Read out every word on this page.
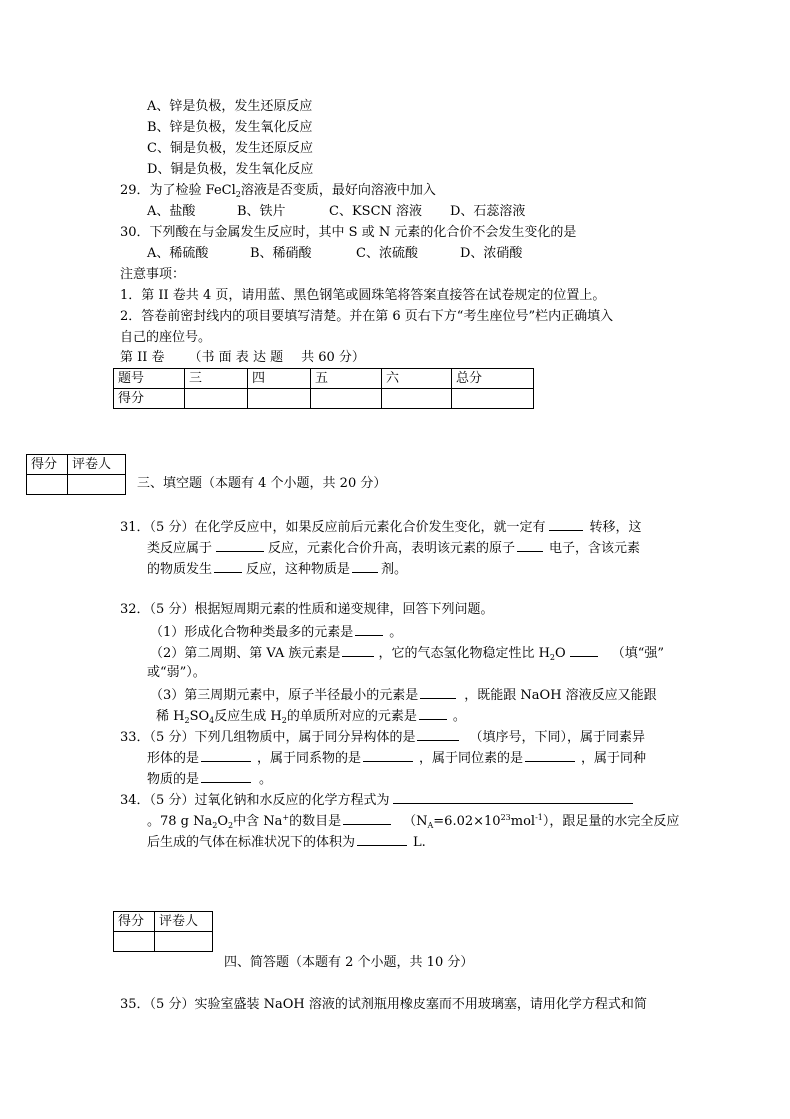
A、锌是负极，发生还原反应
B、锌是负极，发生氧化反应
C、铜是负极，发生还原反应
D、铜是负极，发生氧化反应
29．为了检验 FeCl$_2$溶液是否变质，最好向溶液中加入
A、盐酸	B、铁片	C、KSCN 溶液 D、石蕊溶液
30．下列酸在与金属发生反应时，其中 S 或 N 元素的化合价不会发生变化的是
A、稀硫酸	B、稀硝酸	C、浓硫酸	D、浓硝酸
注意事项：
1．第 II 卷共 4 页，请用蓝、黑色钢笔或圆珠笔将答案直接答在试卷规定的位置上。
2．答卷前密封线内的项目要填写清楚。并在第 6 页右下方“考生座位号”栏内正确填入
自己的座位号。
第 II 卷 （书 面 表 达 题 共 60 分）
题号	三	四	五	六	总分
得分					
得分	评卷人

三、填空题（本题有 4 个小题，共 20 分）
31．（5 分）在化学反应中，如果反应前后元素化合价发生变化，就一定有	转移，这
类反应属于	反应，元素化合价升高，表明该元素的原子	电子，含该元素
的物质发生	反应，这种物质是 剂。
32．（5 分）根据短周期元素的性质和递变规律，回答下列问题。
（1）形成化合物种类最多的元素是	。
（2）第二周期、第 VA 族元素是	，它的气态氢化物稳定性比 $H_2O$	（填“强”
或“弱”）。
（3）第三周期元素中，原子半径最小的元素是	，既能跟 NaOH 溶液反应又能跟
稀 $H_2SO_4$反应生成 $H_2$的单质所对应的元素是	。
33．（5 分）下列几组物质中，属于同分异构体的是	（填序号，下同），属于同素异
形体的是	，属于同系物的是	，属于同位素的是	，属于同种
物质的是	。
34．（5 分）过氧化钠和水反应的化学方程式为
。78 g $Na_2O_2$中含 Na+的数目是	$(N_A=6.02\times 10^{23}mol^{-1})$，跟足量的水完全反应
后生成的气体在标准状况下的体积为	L.
得分	评卷人

四、简答题（本题有 2 个小题，共 10 分）
35．（5 分）实验室盛装 NaOH 溶液的试剂瓶用橡皮塞而不用玻璃塞，请用化学方程式和简
